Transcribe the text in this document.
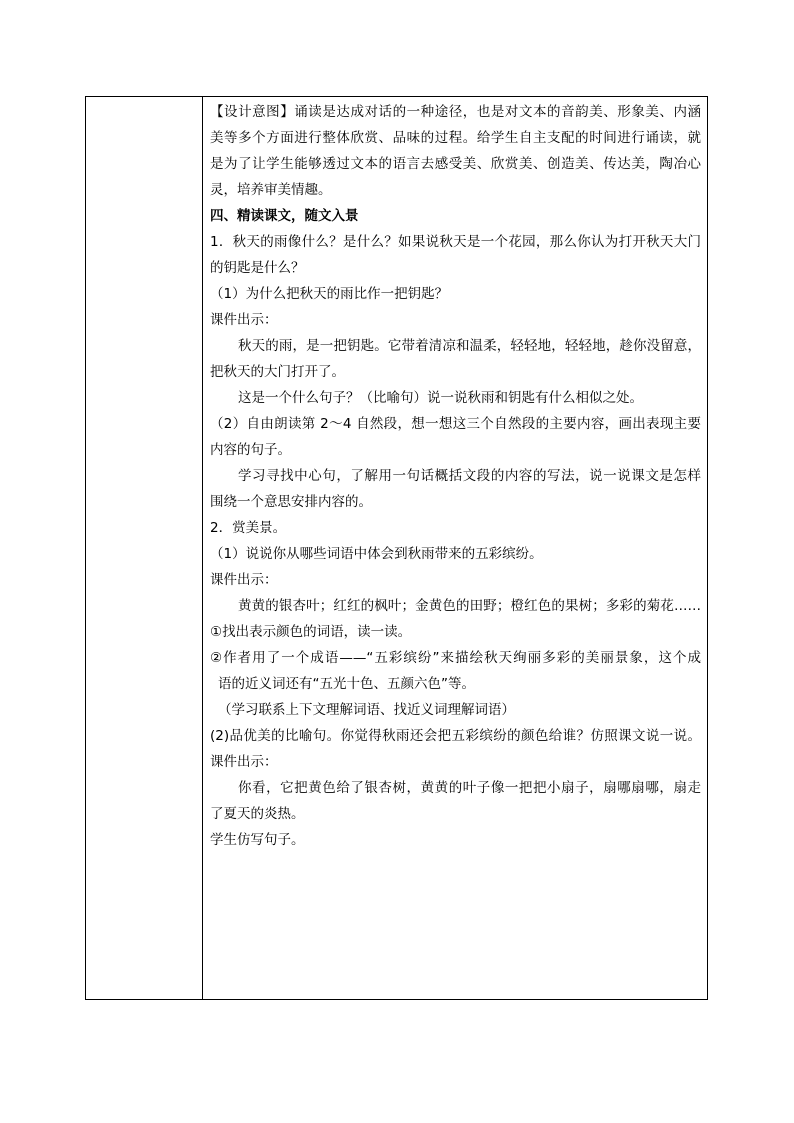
【设计意图】诵读是达成对话的一种途径，也是对文本的音韵美、形象美、内涵
美等多个方面进行整体欣赏、品味的过程。给学生自主支配的时间进行诵读，就
是为了让学生能够透过文本的语言去感受美、欣赏美、创造美、传达美，陶冶心
灵，培养审美情趣。
四、精读课文，随文入景
1．秋天的雨像什么？是什么？如果说秋天是一个花园，那么你认为打开秋天大门
的钥匙是什么？
（1）为什么把秋天的雨比作一把钥匙？
课件出示：
秋天的雨，是一把钥匙。它带着清凉和温柔，轻轻地，轻轻地，趁你没留意，
把秋天的大门打开了。
这是一个什么句子？（比喻句）说一说秋雨和钥匙有什么相似之处。
（2）自由朗读第 2～4 自然段，想一想这三个自然段的主要内容，画出表现主要
内容的句子。
学习寻找中心句，了解用一句话概括文段的内容的写法，说一说课文是怎样
围绕一个意思安排内容的。
2．赏美景。
（1）说说你从哪些词语中体会到秋雨带来的五彩缤纷。
课件出示：
黄黄的银杏叶；红红的枫叶；金黄色的田野；橙红色的果树；多彩的菊花……
①找出表示颜色的词语，读一读。
②作者用了一个成语——“五彩缤纷”来描绘秋天绚丽多彩的美丽景象，这个成
语的近义词还有“五光十色、五颜六色”等。
（学习联系上下文理解词语、找近义词理解词语）
(2)品优美的比喻句。你觉得秋雨还会把五彩缤纷的颜色给谁？仿照课文说一说。
课件出示：
你看，它把黄色给了银杏树，黄黄的叶子像一把把小扇子，扇哪扇哪，扇走
了夏天的炎热。
学生仿写句子。
